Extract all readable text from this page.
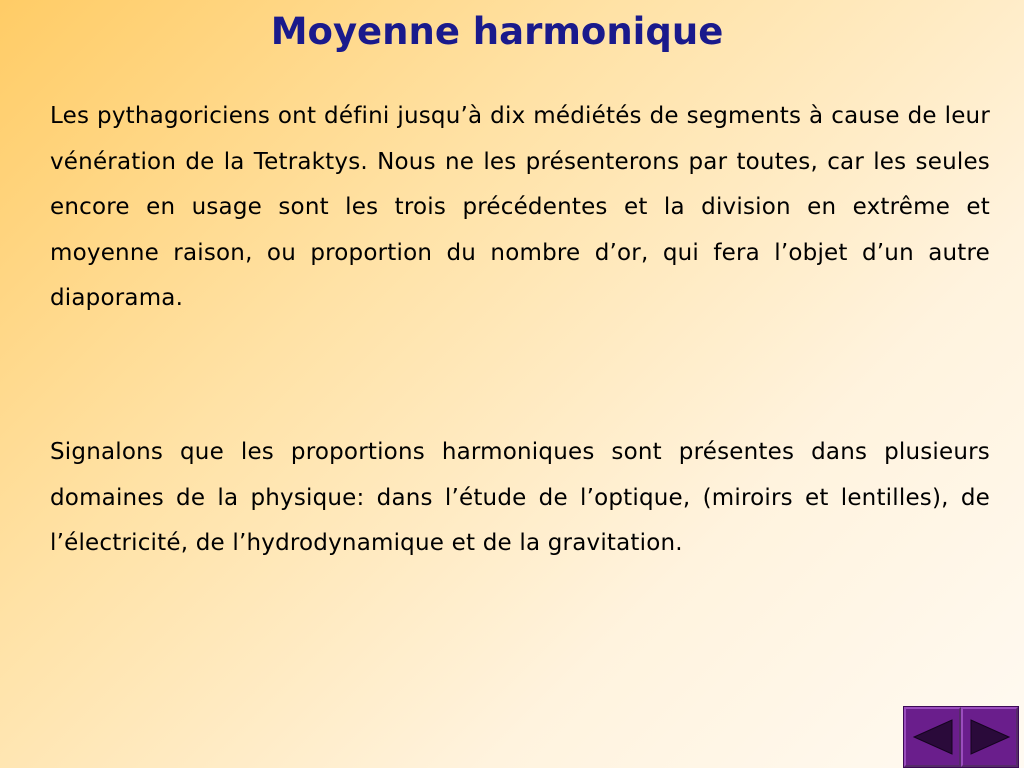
Moyenne harmonique

Les pythagoriciens ont défini jusqu’à dix médiétés de segments à cause de leur vénération de la Tetraktys. Nous ne les présenterons par toutes, car les seules encore en usage sont les trois précédentes et la division en extrême et moyenne raison, ou proportion du nombre d’or, qui fera l’objet d’un autre diaporama.

Signalons que les proportions harmoniques sont présentes dans plusieurs domaines de la physique: dans l’étude de l’optique, (miroirs et lentilles), de l’électricité, de l’hydrodynamique et de la gravitation.
